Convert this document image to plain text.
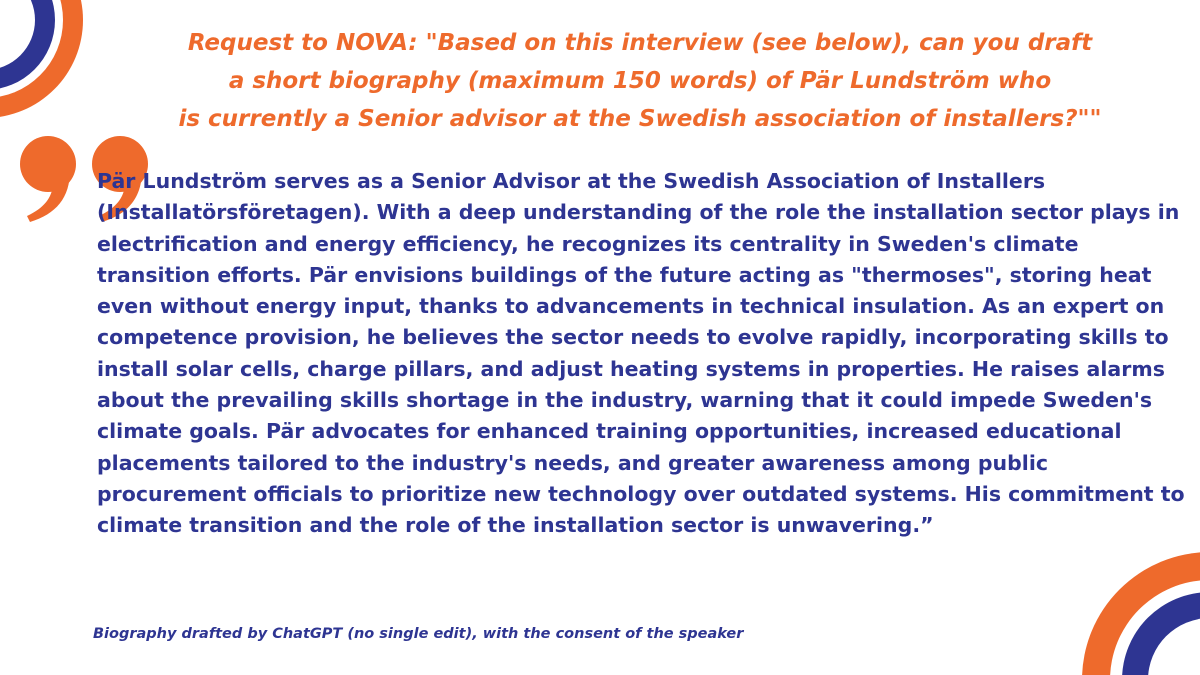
Request to NOVA: "Based on this interview (see below), can you draft
a short biography (maximum 150 words) of Pär Lundström who
is currently a Senior advisor at the Swedish association of installers?""

Pär Lundström serves as a Senior Advisor at the Swedish Association of Installers (Installatörsföretagen). With a deep understanding of the role the installation sector plays in electrification and energy efficiency, he recognizes its centrality in Sweden's climate transition efforts. Pär envisions buildings of the future acting as "thermoses", storing heat even without energy input, thanks to advancements in technical insulation. As an expert on competence provision, he believes the sector needs to evolve rapidly, incorporating skills to install solar cells, charge pillars, and adjust heating systems in properties. He raises alarms about the prevailing skills shortage in the industry, warning that it could impede Sweden's climate goals. Pär advocates for enhanced training opportunities, increased educational placements tailored to the industry's needs, and greater awareness among public procurement officials to prioritize new technology over outdated systems. His commitment to climate transition and the role of the installation sector is unwavering.”

Biography drafted by ChatGPT (no single edit), with the consent of the speaker
